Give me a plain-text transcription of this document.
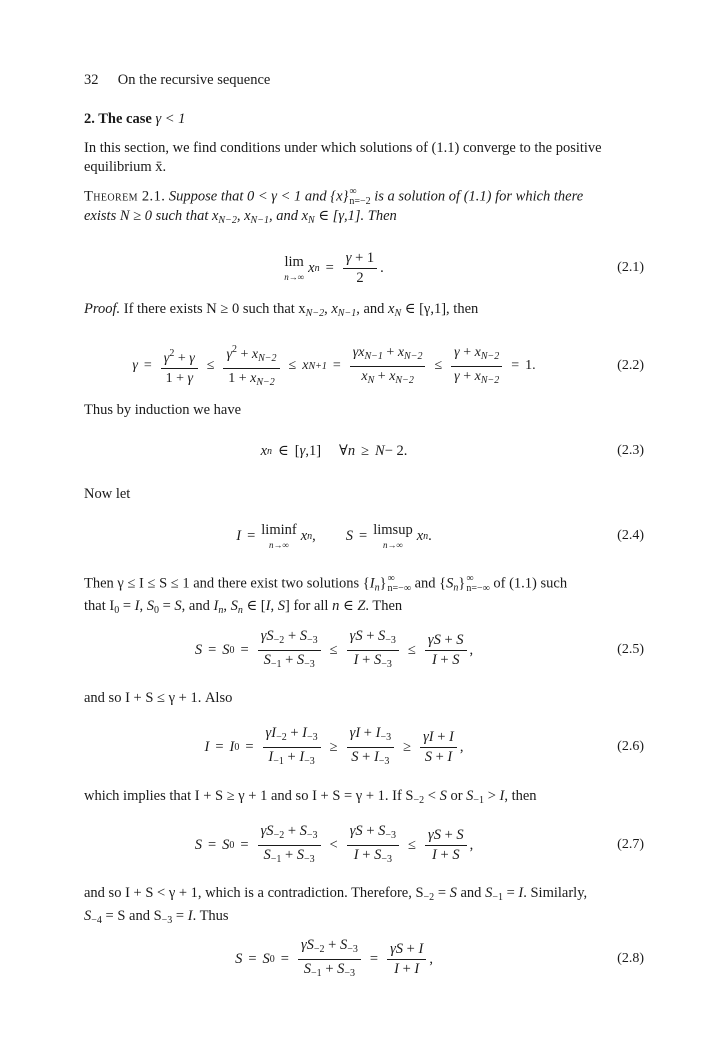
32 On the recursive sequence
2. The case γ < 1
In this section, we find conditions under which solutions of (1.1) converge to the positive
equilibrium x̄.
Theorem 2.1. Suppose that 0 < γ < 1 and {x} ∞
n=−2 is a solution of (1.1) for which there
exists N ≥ 0 such that $x_{N-2}$, $x_{N-1}$, and $x_N$ ∈ [γ,1]. Then
lim
n→∞
x $n = \frac{\gamma + 1}{2}$ .	(2.1)
Proof. If there exists N ≥ 0 such that $x_{N-2}$, $x_{N-1}$, and $x_N$ ∈ [γ,1], then
$\gamma = \frac{\gamma^2 + \gamma}{1 + \gamma} \le \frac{\gamma^2 + x_{N-2}}{1 + x_{N-2}} \le x$ $N+1 = \frac{\gamma x_{N-1} + x_{N-2}}{x_N + x_{N-2}} \le \frac{\gamma + x_{N-2}}{\gamma + x_{N-2}} = 1$.	(2.2)
Thus by induction we have
x n ∈ [ γ ,1] ∀ n ≥ N − 2.	(2.3)
Now let
I = liminf
n→∞
x n , S = limsup
n→∞
x n .	(2.4)
Then γ ≤ I ≤ S ≤ 1 and there exist two solutions $\{I_n\}$ ∞
n=−∞ and $\{S_n\}$ ∞
n=−∞ of (1.1) such
that $I_0 = I$, $S_0 = S$, and $I_n$, $S_n$ ∈ [I, S] for all n ∈ Z. Then
S = S $0 = \frac{\gamma S_{-2} + S_{-3}}{S_{-1} + S_{-3}} \le \frac{\gamma S + S_{-3}}{I + S_{-3}} \le \frac{\gamma S + S}{I + S}$ ,	(2.5)
and so I + S ≤ γ + 1. Also
I = I $0 = \frac{\gamma I_{-2} + I_{-3}}{I_{-1} + I_{-3}} \ge \frac{\gamma I + I_{-3}}{S + I_{-3}} \ge \frac{\gamma I + I}{S + I}$ ,	(2.6)
which implies that I + S ≥ γ + 1 and so I + S = γ + 1. If $S_{-2} < S$ or $S_{-1} > I$, then
S = S $0 = \frac{\gamma S_{-2} + S_{-3}}{S_{-1} + S_{-3}} < \frac{\gamma S + S_{-3}}{I + S_{-3}} \le \frac{\gamma S + S}{I + S}$ ,	(2.7)
and so I + S < γ + 1, which is a contradiction. Therefore, $S_{-2} = S$ and $S_{-1} = I$. Similarly,
$S_{-4} = S$ and $S_{-3} = I$. Thus
S = S $0 = \frac{\gamma S_{-2} + S_{-3}}{S_{-1} + S_{-3}} = \frac{\gamma S + I}{I + I}$ ,	(2.8)
